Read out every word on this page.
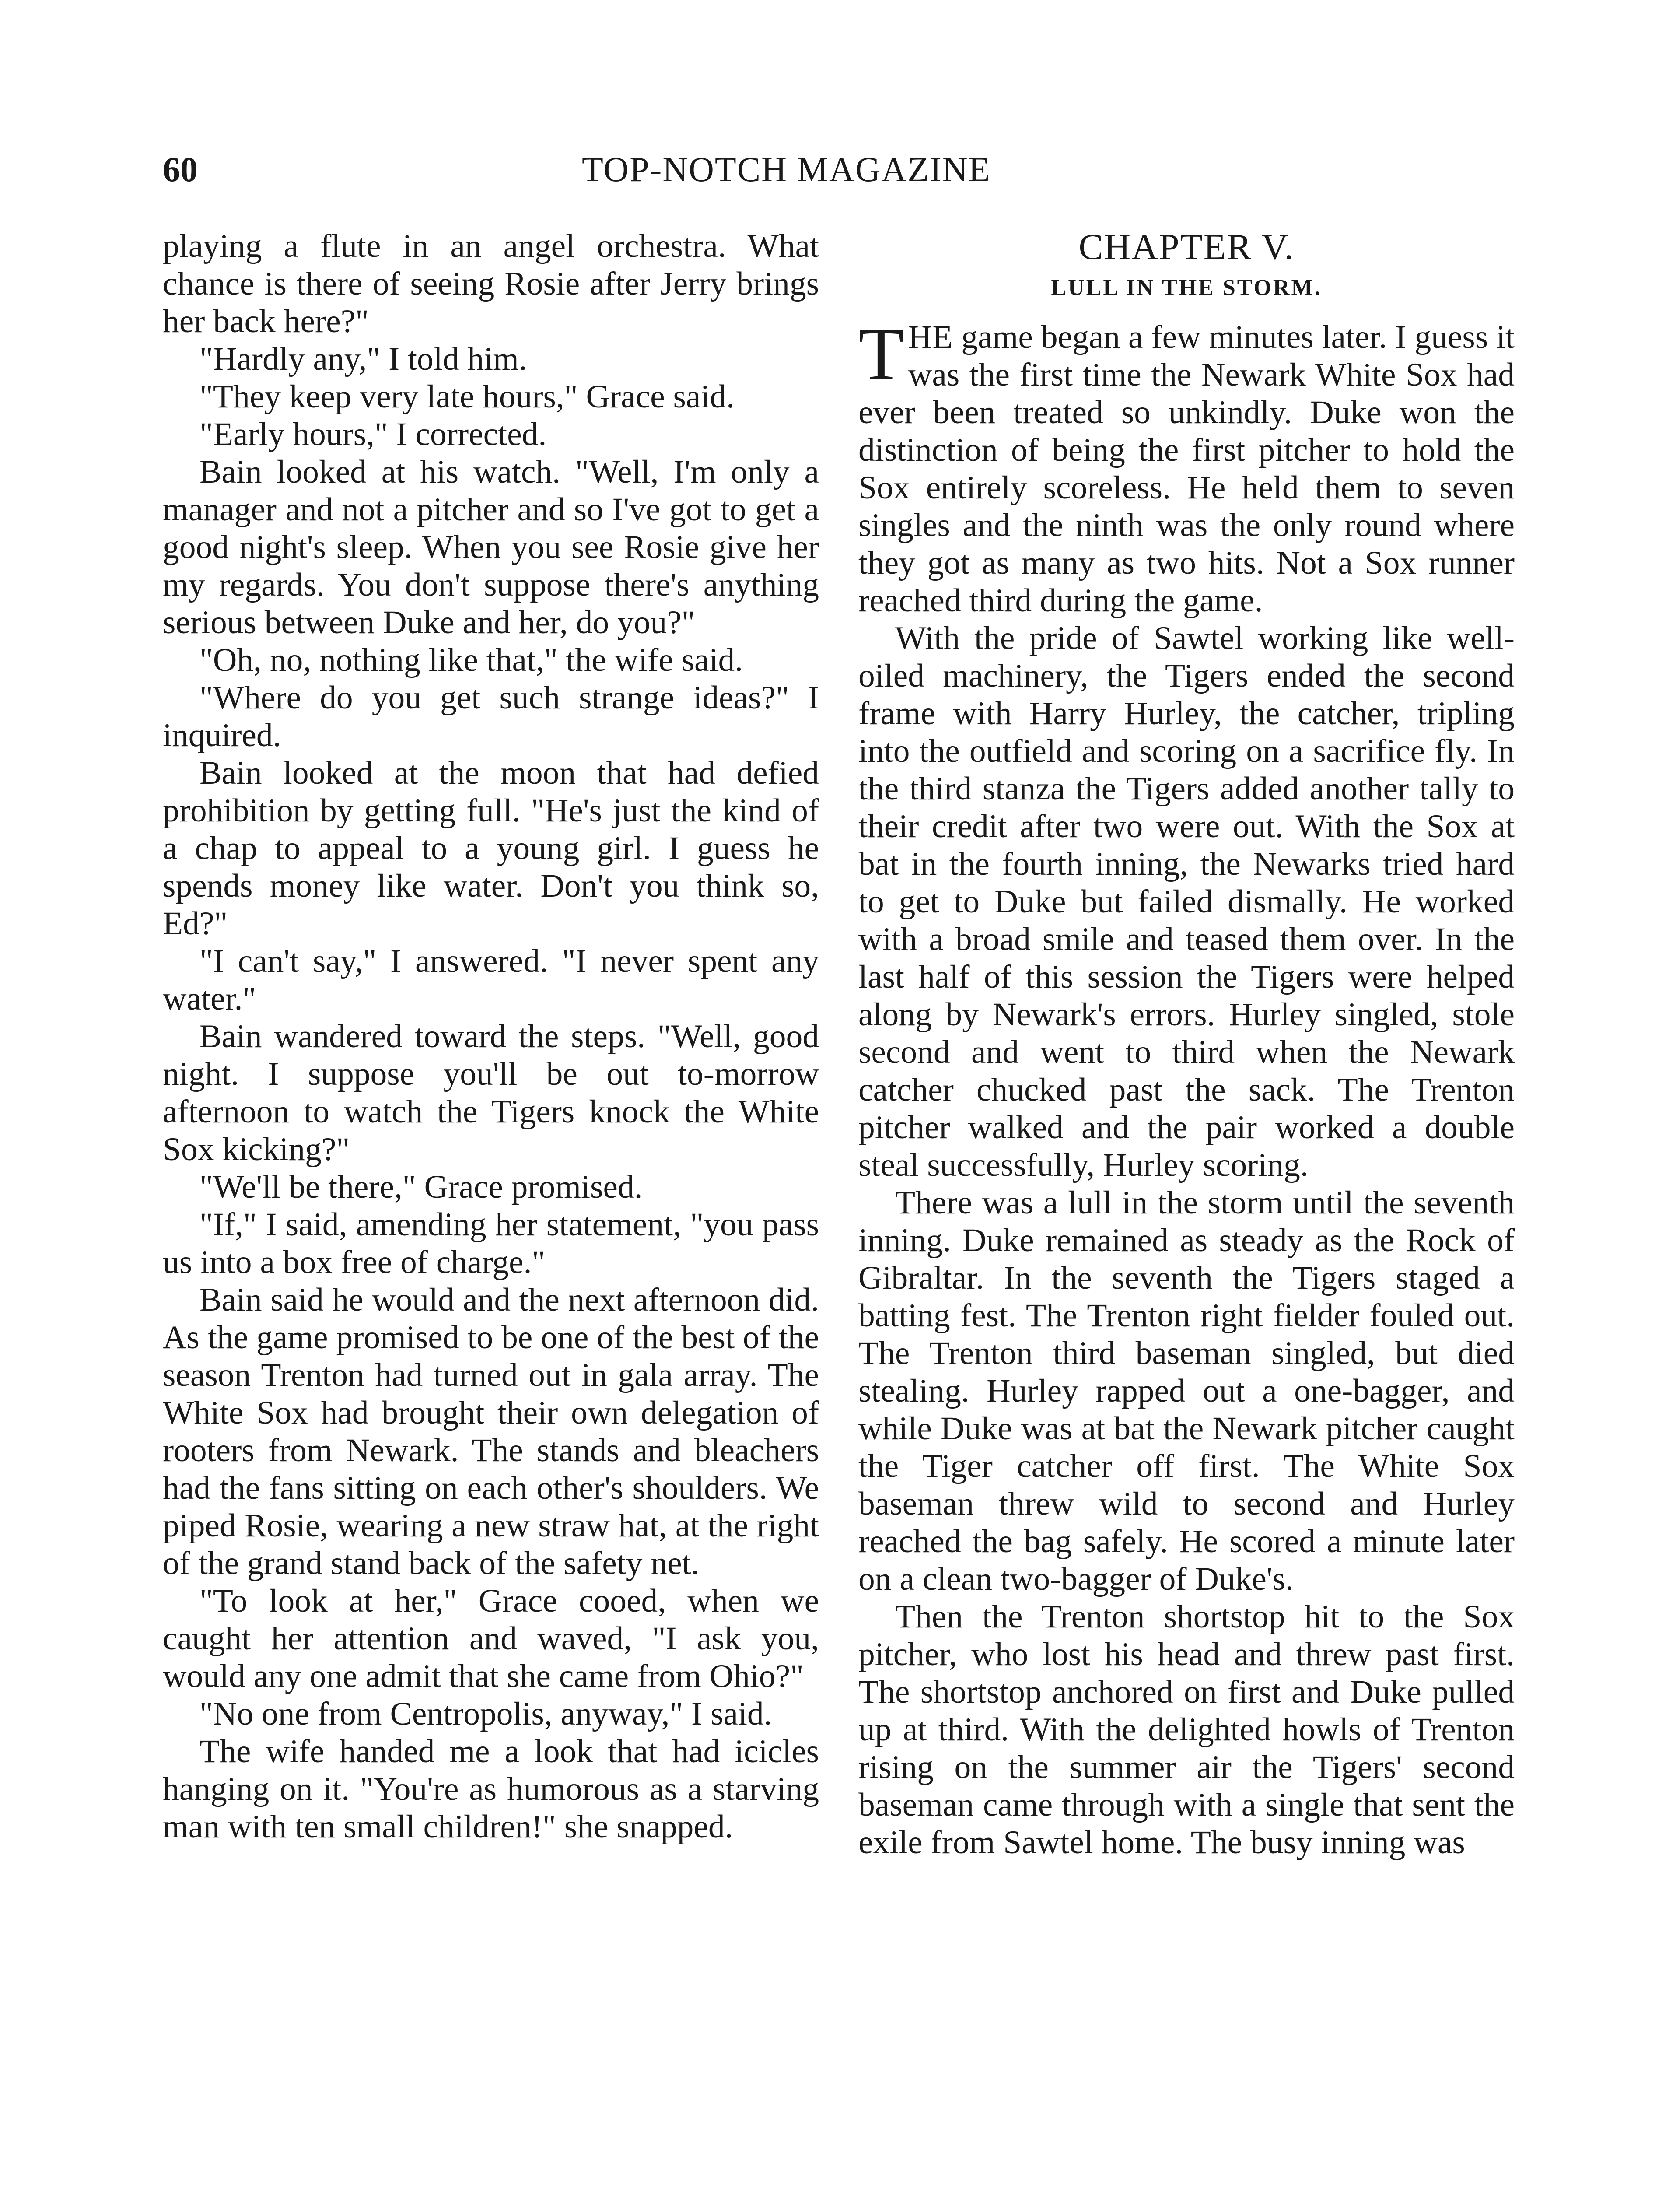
60	TOP-NOTCH MAGAZINE

playing a flute in an angel orchestra. What chance is there of seeing Rosie after Jerry brings her back here?"

"Hardly any," I told him.

"They keep very late hours," Grace said.

"Early hours," I corrected.

Bain looked at his watch. "Well, I'm only a manager and not a pitcher and so I've got to get a good night's sleep. When you see Rosie give her my regards. You don't suppose there's anything serious between Duke and her, do you?"

"Oh, no, nothing like that," the wife said.

"Where do you get such strange ideas?" I inquired.

Bain looked at the moon that had defied prohibition by getting full. "He's just the kind of a chap to appeal to a young girl. I guess he spends money like water. Don't you think so, Ed?"

"I can't say," I answered. "I never spent any water."

Bain wandered toward the steps. "Well, good night. I suppose you'll be out to-morrow afternoon to watch the Tigers knock the White Sox kicking?"

"We'll be there," Grace promised.

"If," I said, amending her statement, "you pass us into a box free of charge."

Bain said he would and the next afternoon did. As the game promised to be one of the best of the season Trenton had turned out in gala array. The White Sox had brought their own delegation of rooters from Newark. The stands and bleachers had the fans sitting on each other's shoulders. We piped Rosie, wearing a new straw hat, at the right of the grand stand back of the safety net.

"To look at her," Grace cooed, when we caught her attention and waved, "I ask you, would any one admit that she came from Ohio?"

"No one from Centropolis, anyway," I said.

The wife handed me a look that had icicles hanging on it. "You're as humorous as a starving man with ten small children!" she snapped.

CHAPTER V.
LULL IN THE STORM.

THE game began a few minutes later. I guess it was the first time the Newark White Sox had ever been treated so unkindly. Duke won the distinction of being the first pitcher to hold the Sox entirely scoreless. He held them to seven singles and the ninth was the only round where they got as many as two hits. Not a Sox runner reached third during the game.

With the pride of Sawtel working like well-oiled machinery, the Tigers ended the second frame with Harry Hurley, the catcher, tripling into the outfield and scoring on a sacrifice fly. In the third stanza the Tigers added another tally to their credit after two were out. With the Sox at bat in the fourth inning, the Newarks tried hard to get to Duke but failed dismally. He worked with a broad smile and teased them over. In the last half of this session the Tigers were helped along by Newark's errors. Hurley singled, stole second and went to third when the Newark catcher chucked past the sack. The Trenton pitcher walked and the pair worked a double steal successfully, Hurley scoring.

There was a lull in the storm until the seventh inning. Duke remained as steady as the Rock of Gibraltar. In the seventh the Tigers staged a batting fest. The Trenton right fielder fouled out. The Trenton third baseman singled, but died stealing. Hurley rapped out a one-bagger, and while Duke was at bat the Newark pitcher caught the Tiger catcher off first. The White Sox baseman threw wild to second and Hurley reached the bag safely. He scored a minute later on a clean two-bagger of Duke's.

Then the Trenton shortstop hit to the Sox pitcher, who lost his head and threw past first. The shortstop anchored on first and Duke pulled up at third. With the delighted howls of Trenton rising on the summer air the Tigers' second baseman came through with a single that sent the exile from Sawtel home. The busy inning was
